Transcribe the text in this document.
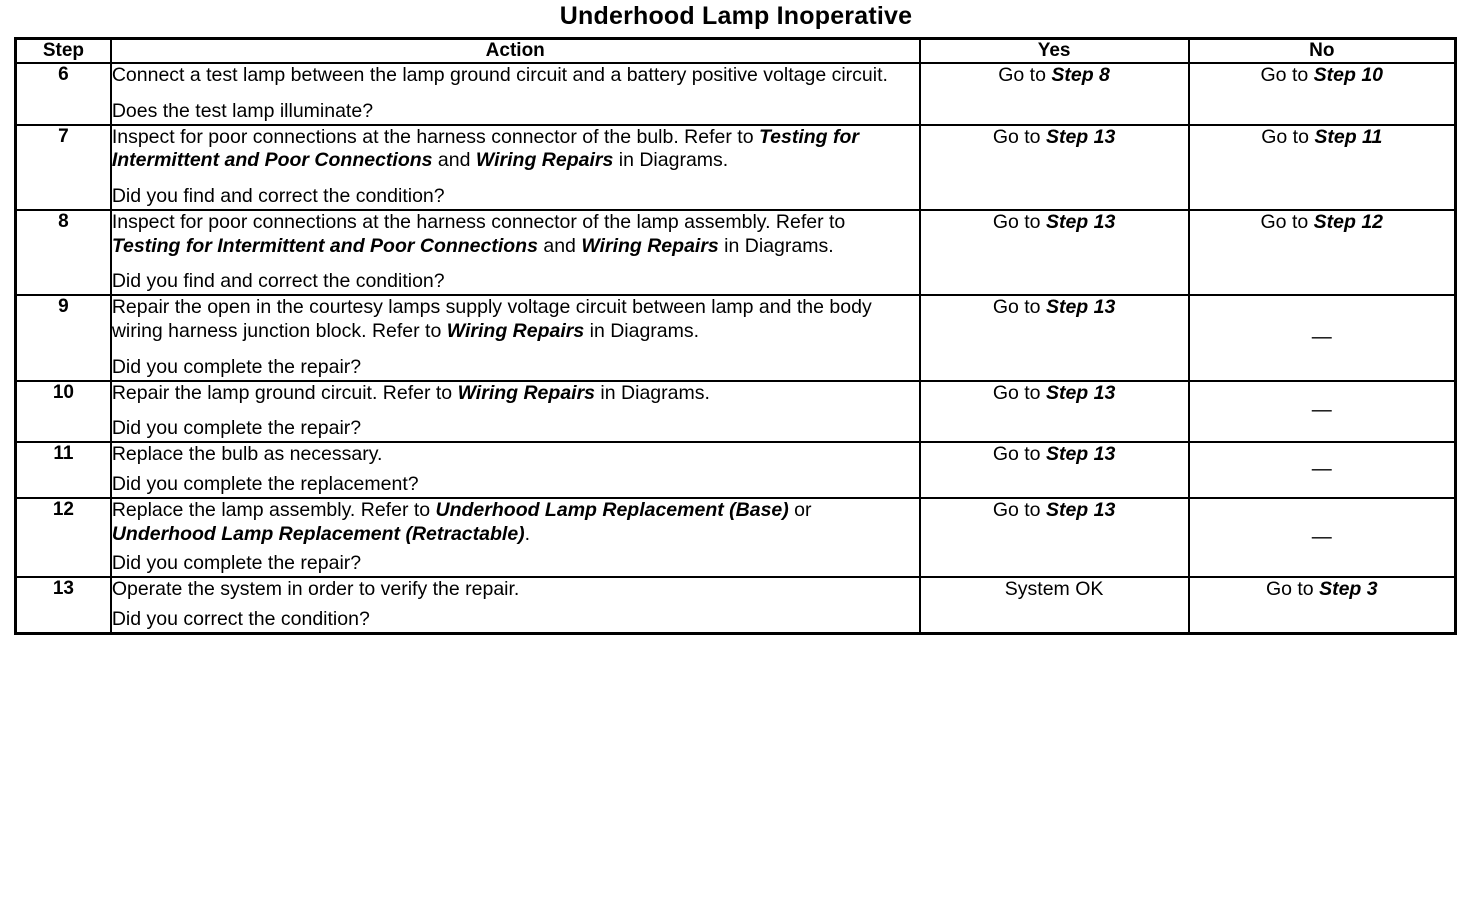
Underhood Lamp Inoperative
Step	Action	Yes	No
6	Connect a test lamp between the lamp ground circuit and a battery positive voltage circuit.

Does the test lamp illuminate?	Go to Step 8	Go to Step 10
7	Inspect for poor connections at the harness connector of the bulb. Refer to Testing for Intermittent and Poor Connections and Wiring Repairs in Diagrams.

Did you find and correct the condition?	Go to Step 13	Go to Step 11
8	Inspect for poor connections at the harness connector of the lamp assembly. Refer to Testing for Intermittent and Poor Connections and Wiring Repairs in Diagrams.

Did you find and correct the condition?	Go to Step 13	Go to Step 12
9	Repair the open in the courtesy lamps supply voltage circuit between lamp and the body wiring harness junction block. Refer to Wiring Repairs in Diagrams.

Did you complete the repair?	Go to Step 13	—
10	Repair the lamp ground circuit. Refer to Wiring Repairs in Diagrams.

Did you complete the repair?	Go to Step 13	—
11	Replace the bulb as necessary.

Did you complete the replacement?	Go to Step 13	—
12	Replace the lamp assembly. Refer to Underhood Lamp Replacement (Base) or Underhood Lamp Replacement (Retractable).

Did you complete the repair?	Go to Step 13	—
13	Operate the system in order to verify the repair.

Did you correct the condition?	System OK	Go to Step 3
